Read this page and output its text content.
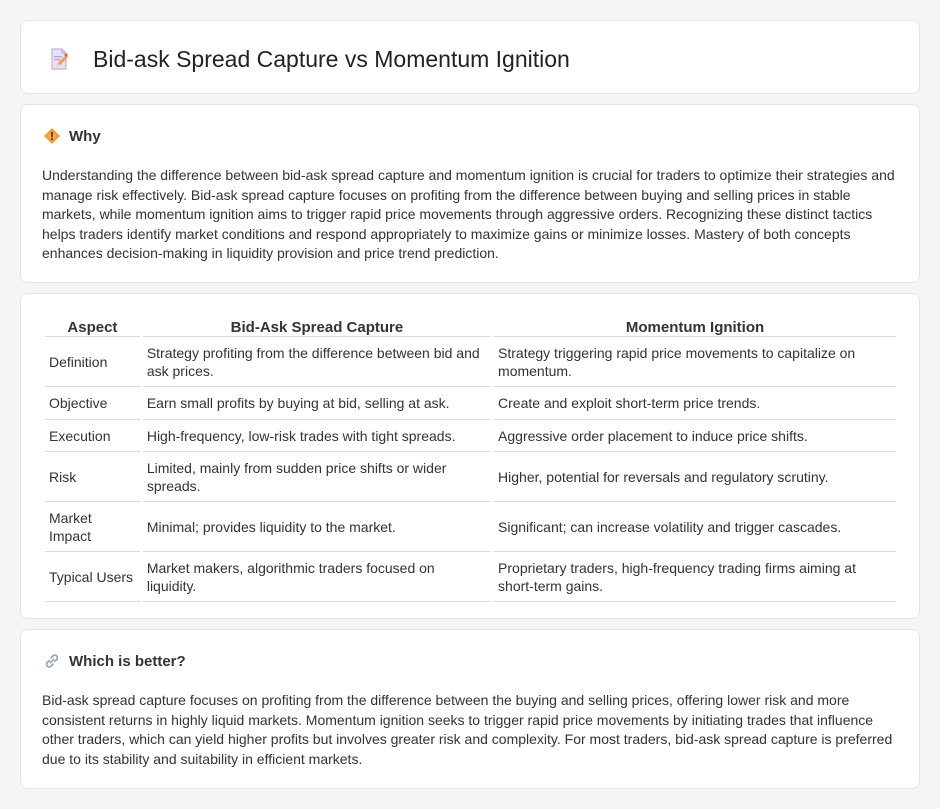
Bid-ask Spread Capture vs Momentum Ignition
Why

Understanding the difference between bid-ask spread capture and momentum ignition is crucial for traders to optimize their strategies and manage risk effectively. Bid-ask spread capture focuses on profiting from the difference between buying and selling prices in stable markets, while momentum ignition aims to trigger rapid price movements through aggressive orders. Recognizing these distinct tactics helps traders identify market conditions and respond appropriately to maximize gains or minimize losses. Mastery of both concepts enhances decision-making in liquidity provision and price trend prediction.

Aspect	Bid-Ask Spread Capture	Momentum Ignition
Definition	Strategy profiting from the difference between bid and ask prices.	Strategy triggering rapid price movements to capitalize on momentum.
Objective	Earn small profits by buying at bid, selling at ask.	Create and exploit short-term price trends.
Execution	High-frequency, low-risk trades with tight spreads.	Aggressive order placement to induce price shifts.
Risk	Limited, mainly from sudden price shifts or wider spreads.	Higher, potential for reversals and regulatory scrutiny.
Market Impact	Minimal; provides liquidity to the market.	Significant; can increase volatility and trigger cascades.
Typical Users	Market makers, algorithmic traders focused on liquidity.	Proprietary traders, high-frequency trading firms aiming at short-term gains.
Which is better?

Bid-ask spread capture focuses on profiting from the difference between the buying and selling prices, offering lower risk and more consistent returns in highly liquid markets. Momentum ignition seeks to trigger rapid price movements by initiating trades that influence other traders, which can yield higher profits but involves greater risk and complexity. For most traders, bid-ask spread capture is preferred due to its stability and suitability in efficient markets.
